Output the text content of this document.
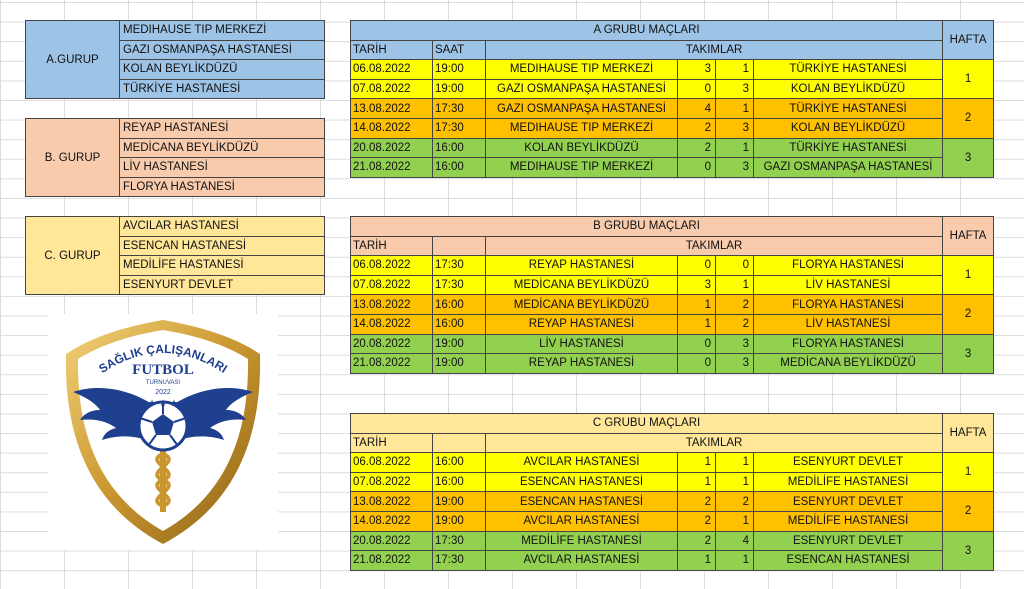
A.GURUP	MEDIHAUSE TIP MERKEZİ
GAZI OSMANPAŞA HASTANESİ
KOLAN BEYLİKDÜZÜ
TÜRKİYE HASTANESİ
B. GURUP	REYAP HASTANESİ
MEDİCANA BEYLİKDÜZÜ
LİV HASTANESİ
FLORYA HASTANESİ
C. GURUP	AVCILAR HASTANESİ
ESENCAN HASTANESİ
MEDİLİFE HASTANESİ
ESENYURT DEVLET
A GRUBU MAÇLARI						HAFTA
TARİH	SAAT	TAKIMLAR				
06.08.2022	19:00	MEDIHAUSE TIP MERKEZİ	3	1	TÜRKİYE HASTANESİ	1
07.08.2022	19:00	GAZI OSMANPAŞA HASTANESİ	0	3	KOLAN BEYLİKDÜZÜ	
13.08.2022	17:30	GAZI OSMANPAŞA HASTANESİ	4	1	TÜRKİYE HASTANESİ	2
14.08.2022	17:30	MEDIHAUSE TIP MERKEZİ	2	3	KOLAN BEYLİKDÜZÜ	
20.08.2022	16:00	KOLAN BEYLİKDÜZÜ	2	1	TÜRKİYE HASTANESİ	3
21.08.2022	16:00	MEDIHAUSE TIP MERKEZİ	0	3	GAZI OSMANPAŞA HASTANESİ	
B GRUBU MAÇLARI						HAFTA
TARİH		TAKIMLAR				
06.08.2022	17:30	REYAP HASTANESİ	0	0	FLORYA HASTANESİ	1
07.08.2022	17:30	MEDİCANA BEYLİKDÜZÜ	3	1	LİV HASTANESİ	
13.08.2022	16:00	MEDİCANA BEYLİKDÜZÜ	1	2	FLORYA HASTANESİ	2
14.08.2022	16:00	REYAP HASTANESİ	1	2	LİV HASTANESİ	
20.08.2022	19:00	LİV HASTANESİ	0	3	FLORYA HASTANESİ	3
21.08.2022	19:00	REYAP HASTANESİ	0	3	MEDİCANA BEYLİKDÜZÜ	
C GRUBU MAÇLARI						HAFTA
TARİH		TAKIMLAR				
06.08.2022	16:00	AVCILAR HASTANESİ	1	1	ESENYURT DEVLET	1
07.08.2022	16:00	ESENCAN HASTANESİ	1	1	MEDİLİFE HASTANESİ	
13.08.2022	19:00	ESENCAN HASTANESİ	2	2	ESENYURT DEVLET	2
14.08.2022	19:00	AVCILAR HASTANESİ	2	1	MEDİLİFE HASTANESİ	
20.08.2022	17:30	MEDİLİFE HASTANESİ	2	4	ESENYURT DEVLET	3
21.08.2022	17:30	AVCILAR HASTANESİ	1	1	ESENCAN HASTANESİ	
SAĞLIK ÇALIŞANLARI
FUTBOL
TURNUVASI
2022
★ ★ ★
